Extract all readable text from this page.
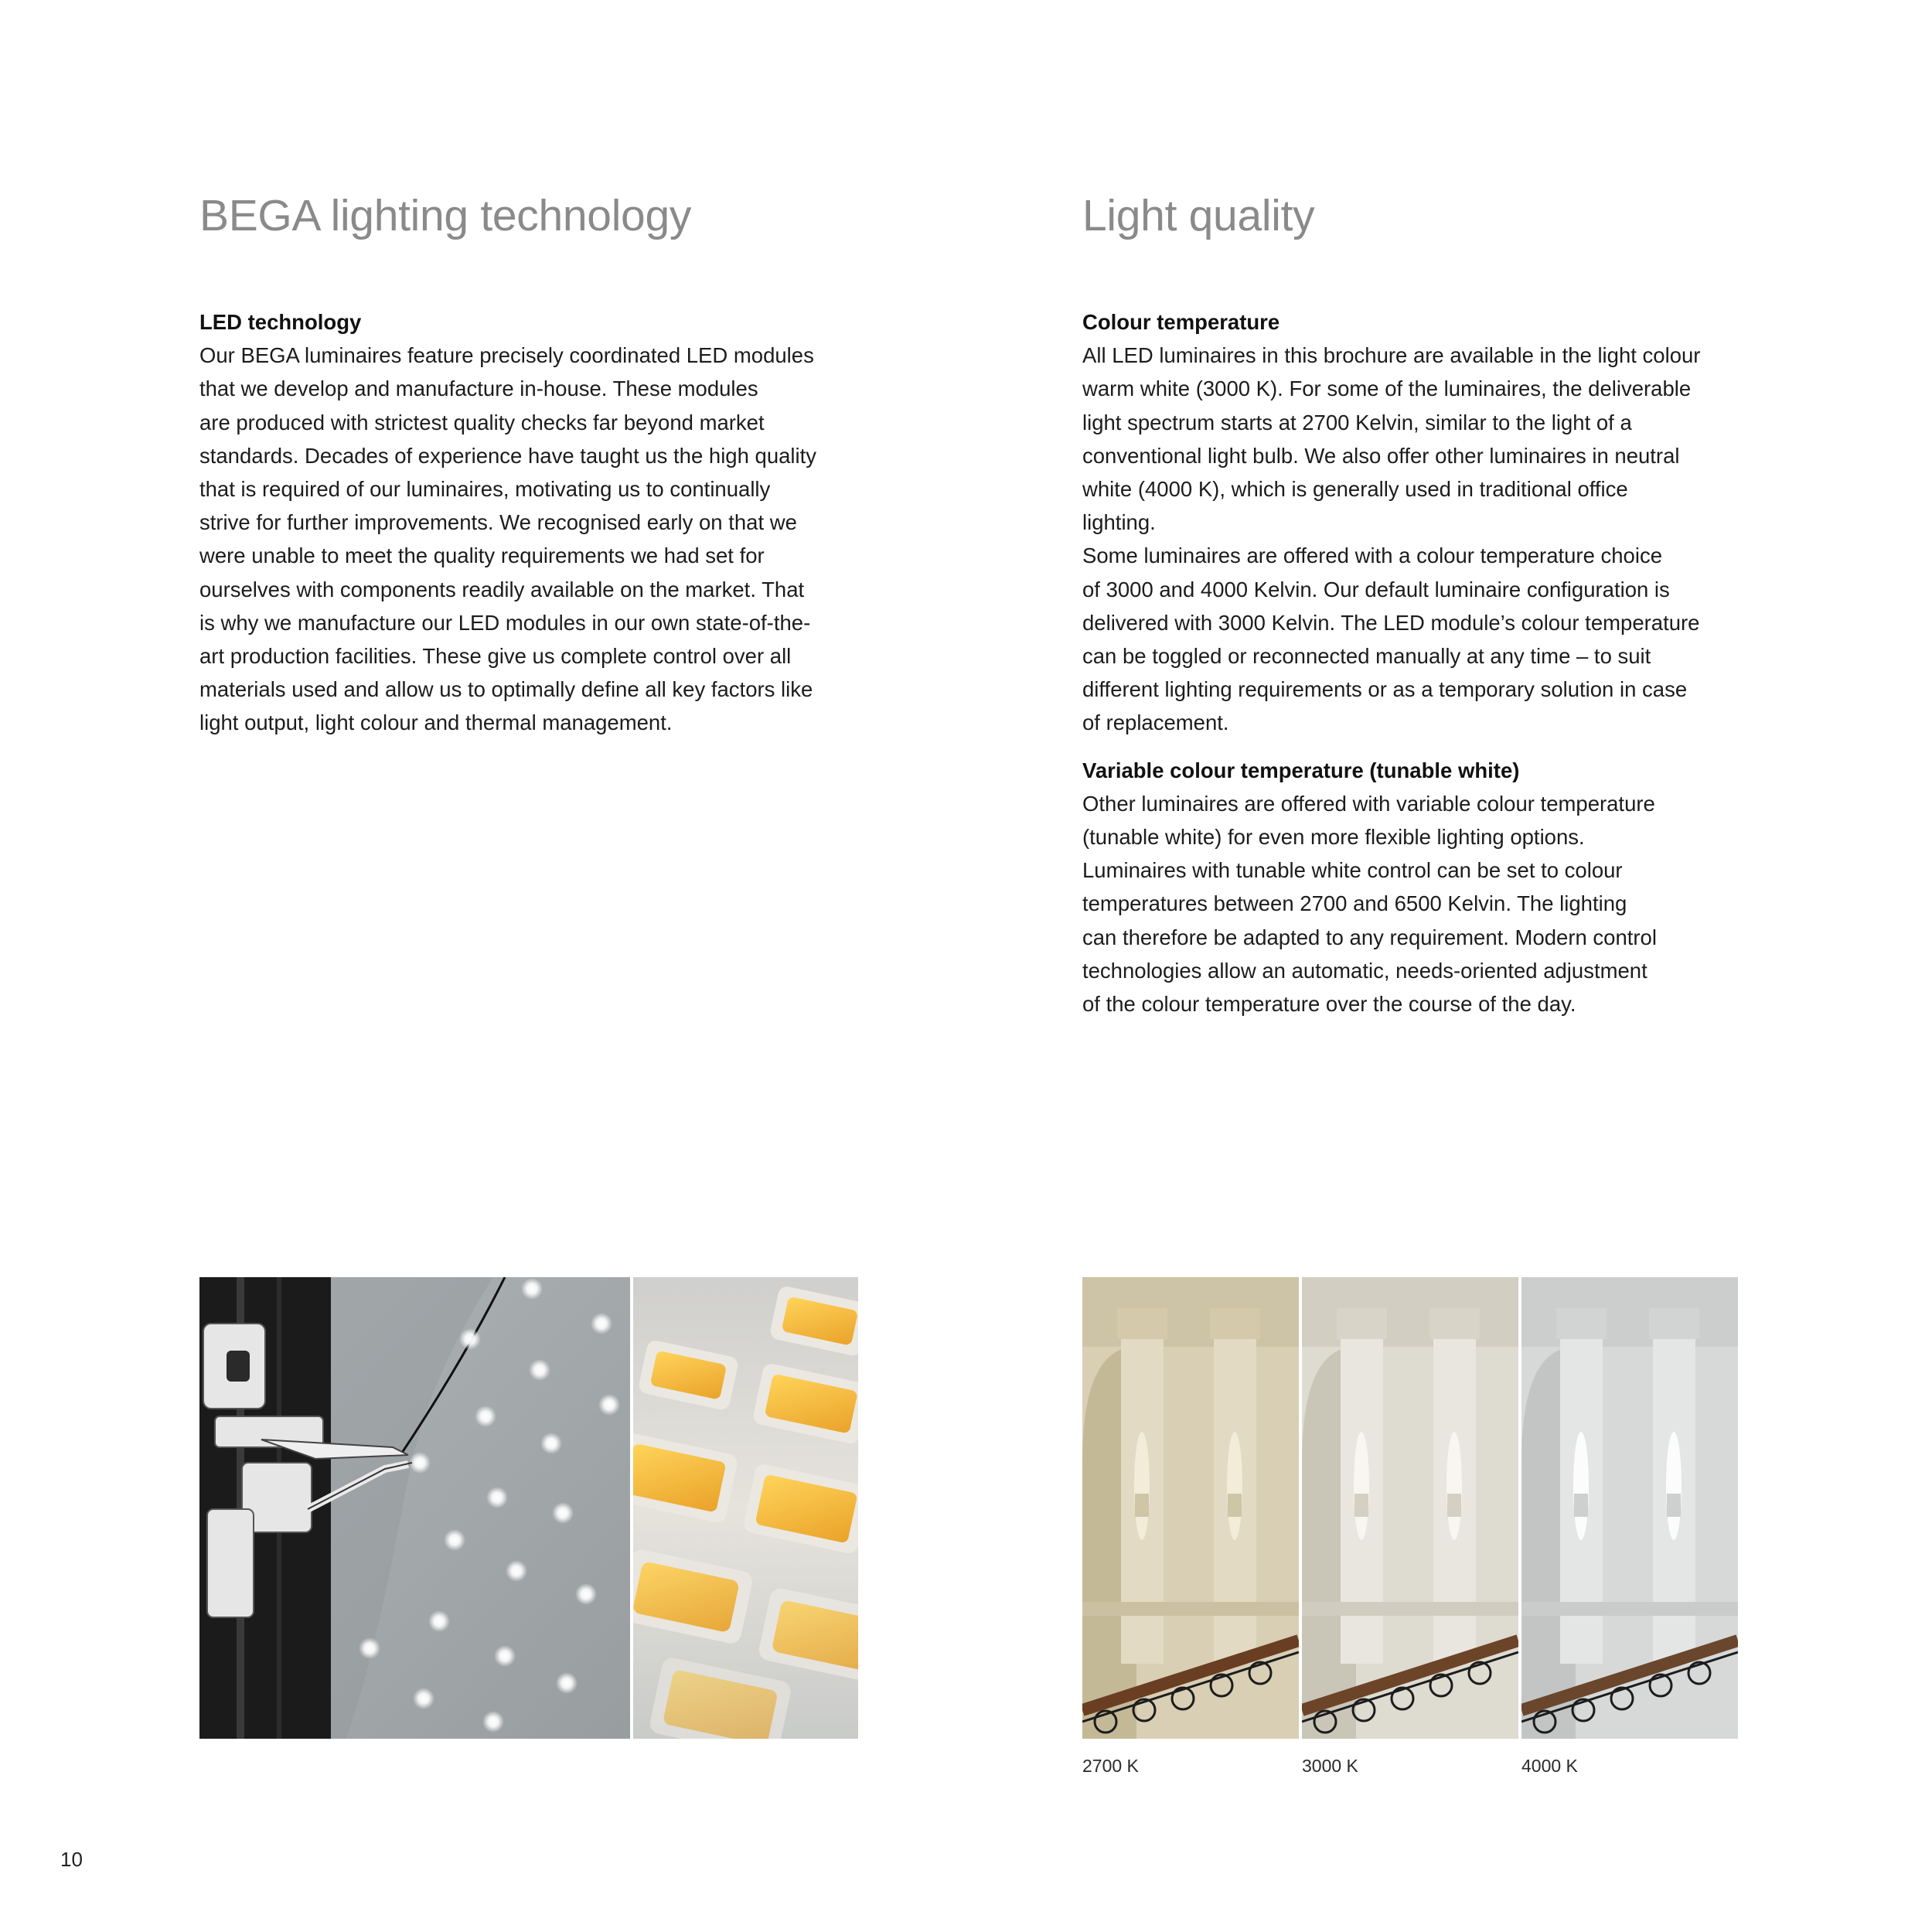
BEGA lighting technology

LED technology

Our BEGA luminaires feature precisely coordinated LED modules
that we develop and manufacture in-house. These modules
are produced with strictest quality checks far beyond market
standards. Decades of experience have taught us the high quality
that is required of our luminaires, motivating us to continually
strive for further improvements. We recognised early on that we
were unable to meet the quality requirements we had set for
ourselves with components readily available on the market. That
is why we manufacture our LED modules in our own state-of-the-
art production facilities. These give us complete control over all
materials used and allow us to optimally define all key factors like
light output, light colour and thermal management.

Light quality

Colour temperature

All LED luminaires in this brochure are available in the light colour
warm white (3000 K). For some of the luminaires, the deliverable
light spectrum starts at 2700 Kelvin, similar to the light of a
conventional light bulb. We also offer other luminaires in neutral
white (4000 K), which is generally used in traditional office
lighting.
Some luminaires are offered with a colour temperature choice
of 3000 and 4000 Kelvin. Our default luminaire configuration is
delivered with 3000 Kelvin. The LED module’s colour temperature
can be toggled or reconnected manually at any time – to suit
different lighting requirements or as a temporary solution in case
of replacement.

Variable colour temperature (tunable white)

Other luminaires are offered with variable colour temperature
(tunable white) for even more flexible lighting options.
Luminaires with tunable white control can be set to colour
temperatures between 2700 and 6500 Kelvin. The lighting
can therefore be adapted to any requirement. Modern control
technologies allow an automatic, needs-oriented adjustment
of the colour temperature over the course of the day.

2700 K	3000 K	4000 K
10
